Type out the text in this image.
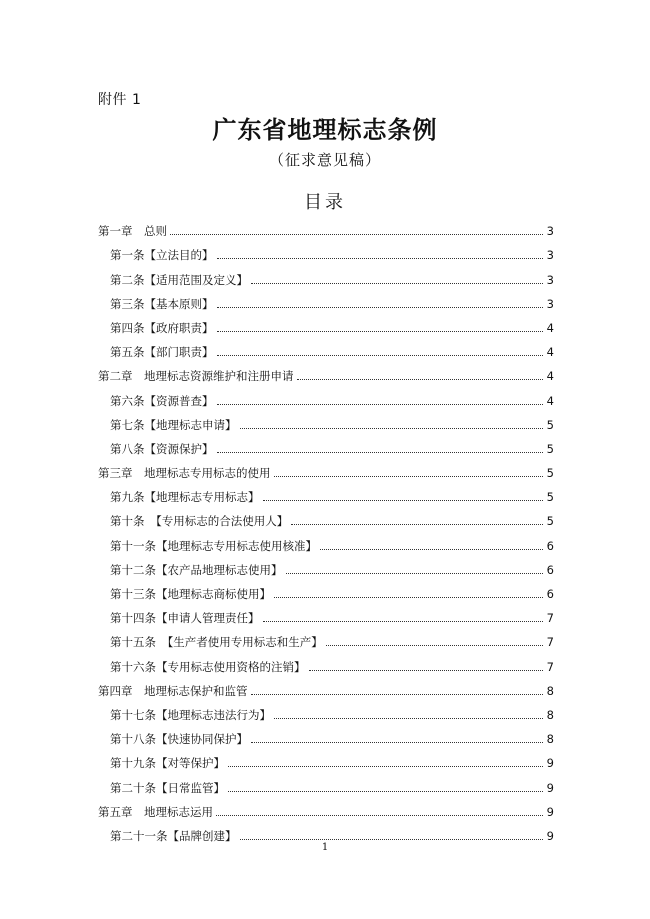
附件 1
广东省地理标志条例
（征求意见稿）
目录
第一章　总则	3
第一条【立法目的】	3
第二条【适用范围及定义】	3
第三条【基本原则】	3
第四条【政府职责】	4
第五条【部门职责】	4
第二章　地理标志资源维护和注册申请	4
第六条【资源普查】	4
第七条【地理标志申请】	5
第八条【资源保护】	5
第三章　地理标志专用标志的使用	5
第九条【地理标志专用标志】	5
第十条　【专用标志的合法使用人】	5
第十一条【地理标志专用标志使用核准】	6
第十二条【农产品地理标志使用】	6
第十三条【地理标志商标使用】	6
第十四条【申请人管理责任】	7
第十五条　【生产者使用专用标志和生产】	7
第十六条【专用标志使用资格的注销】	7
第四章　地理标志保护和监管	8
第十七条【地理标志违法行为】	8
第十八条【快速协同保护】	8
第十九条【对等保护】	9
第二十条【日常监管】	9
第五章　地理标志运用	9
第二十一条【品牌创建】	9
1
